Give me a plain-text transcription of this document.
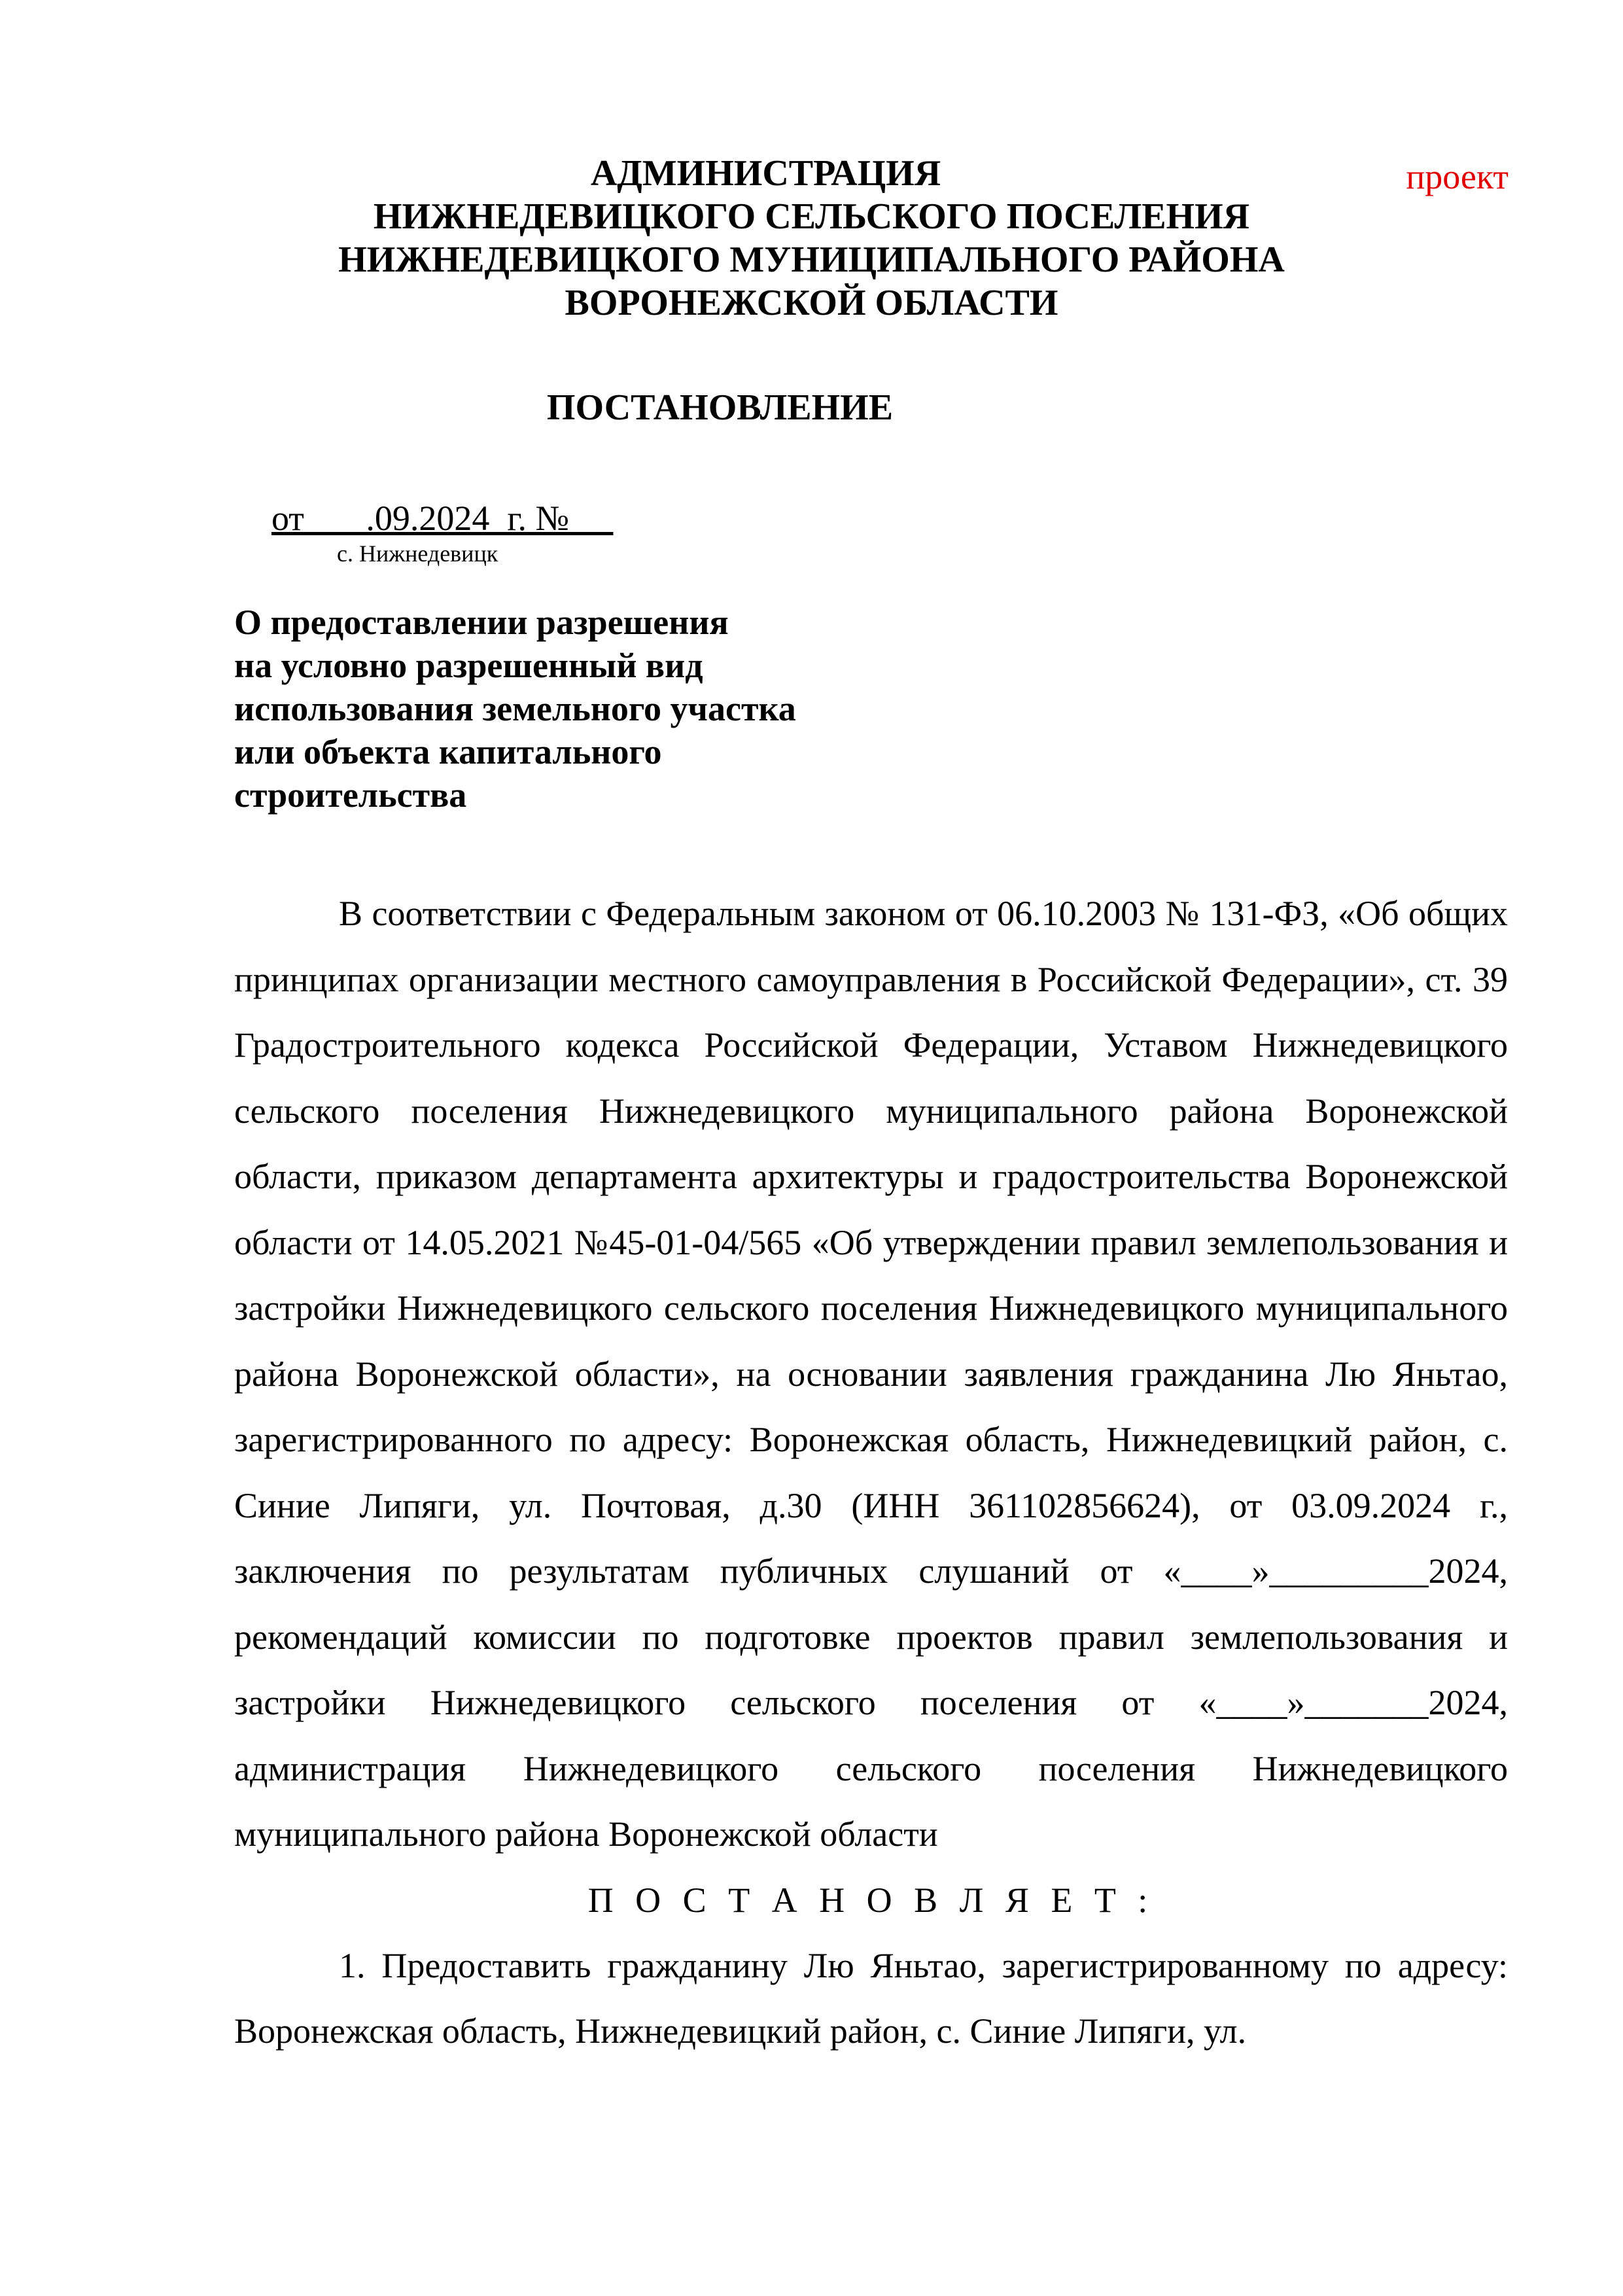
проект
АДМИНИСТРАЦИЯ
НИЖНЕДЕВИЦКОГО СЕЛЬСКОГО ПОСЕЛЕНИЯ
НИЖНЕДЕВИЦКОГО МУНИЦИПАЛЬНОГО РАЙОНА
ВОРОНЕЖСКОЙ ОБЛАСТИ
ПОСТАНОВЛЕНИЕ
от       .09.2024  г. №
с. Нижнедевицк
О предоставлении разрешения
на условно разрешенный вид
использования земельного участка
или объекта капитального
строительства

В соответствии с Федеральным законом от 06.10.2003 № 131-ФЗ, «Об общих принципах организации местного самоуправления в Российской Федерации», ст. 39 Градостроительного кодекса Российской Федерации, Уставом Нижнедевицкого сельского поселения Нижнедевицкого муниципального района Воронежской области, приказом департамента архитектуры и градостроительства Воронежской области от 14.05.2021 №45-01-04/565 «Об утверждении правил землепользования и застройки Нижнедевицкого сельского поселения Нижнедевицкого муниципального района Воронежской области», на основании заявления гражданина Лю Яньтао, зарегистрированного по адресу: Воронежская область, Нижнедевицкий район, с. Синие Липяги, ул. Почтовая, д.30 (ИНН 361102856624), от 03.09.2024 г., заключения по результатам публичных слушаний от «____»_________2024, рекомендаций комиссии по подготовке проектов правил землепользования и застройки Нижнедевицкого сельского поселения от «____»_______2024, администрация Нижнедевицкого сельского поселения Нижнедевицкого муниципального района Воронежской области

П О С Т А Н О В Л Я Е Т :

1. Предоставить гражданину Лю Яньтао, зарегистрированному по адресу: Воронежская область, Нижнедевицкий район, с. Синие Липяги, ул.
